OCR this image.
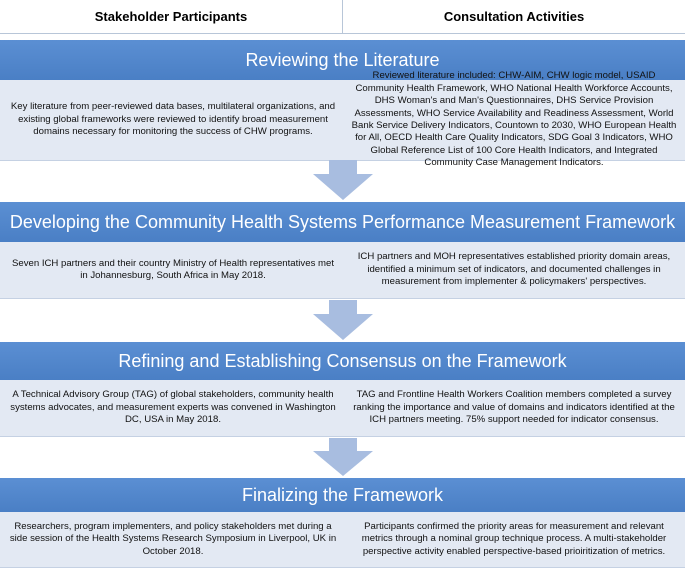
Stakeholder Participants	Consultation Activities
Reviewing the Literature
Key literature from peer-reviewed data bases, multilateral organizations, and existing global frameworks were reviewed to identify broad measurement domains necessary for monitoring the success of CHW programs.
Reviewed literature included: CHW-AIM, CHW logic model, USAID Community Health Framework, WHO National Health Workforce Accounts, DHS Woman's and Man's Questionnaires, DHS Service Provision Assessments, WHO Service Availability and Readiness Assessment, World Bank Service Delivery Indicators, Countown to 2030, WHO European Health for All, OECD Health Care Quality Indicators, SDG Goal 3 Indicators, WHO Global Reference List of 100 Core Health Indicators, and Integrated Community Case Management Indicators.
Developing the Community Health Systems Performance Measurement Framework
Seven ICH partners and their country Ministry of Health representatives met in Johannesburg, South Africa in May 2018.
ICH partners and MOH representatives established priority domain areas, identified a minimum set of indicators, and documented challenges in measurement from implementer & policymakers' perspectives.
Refining and Establishing Consensus on the Framework
A Technical Advisory Group (TAG) of global stakeholders, community health systems advocates, and measurement experts was convened in Washington DC, USA in May 2018.
TAG and Frontline Health Workers Coalition members completed a survey ranking the importance and value of domains and indicators identified at the ICH partners meeting. 75% support needed for indicator consensus.
Finalizing the Framework
Researchers, program implementers, and policy stakeholders met during a side session of the Health Systems Research Symposium in Liverpool, UK in October 2018.
Participants confirmed the priority areas for measurement and relevant metrics through a nominal group technique process. A multi-stakeholder perspective activity enabled perspective-based prioiritization of metrics.
